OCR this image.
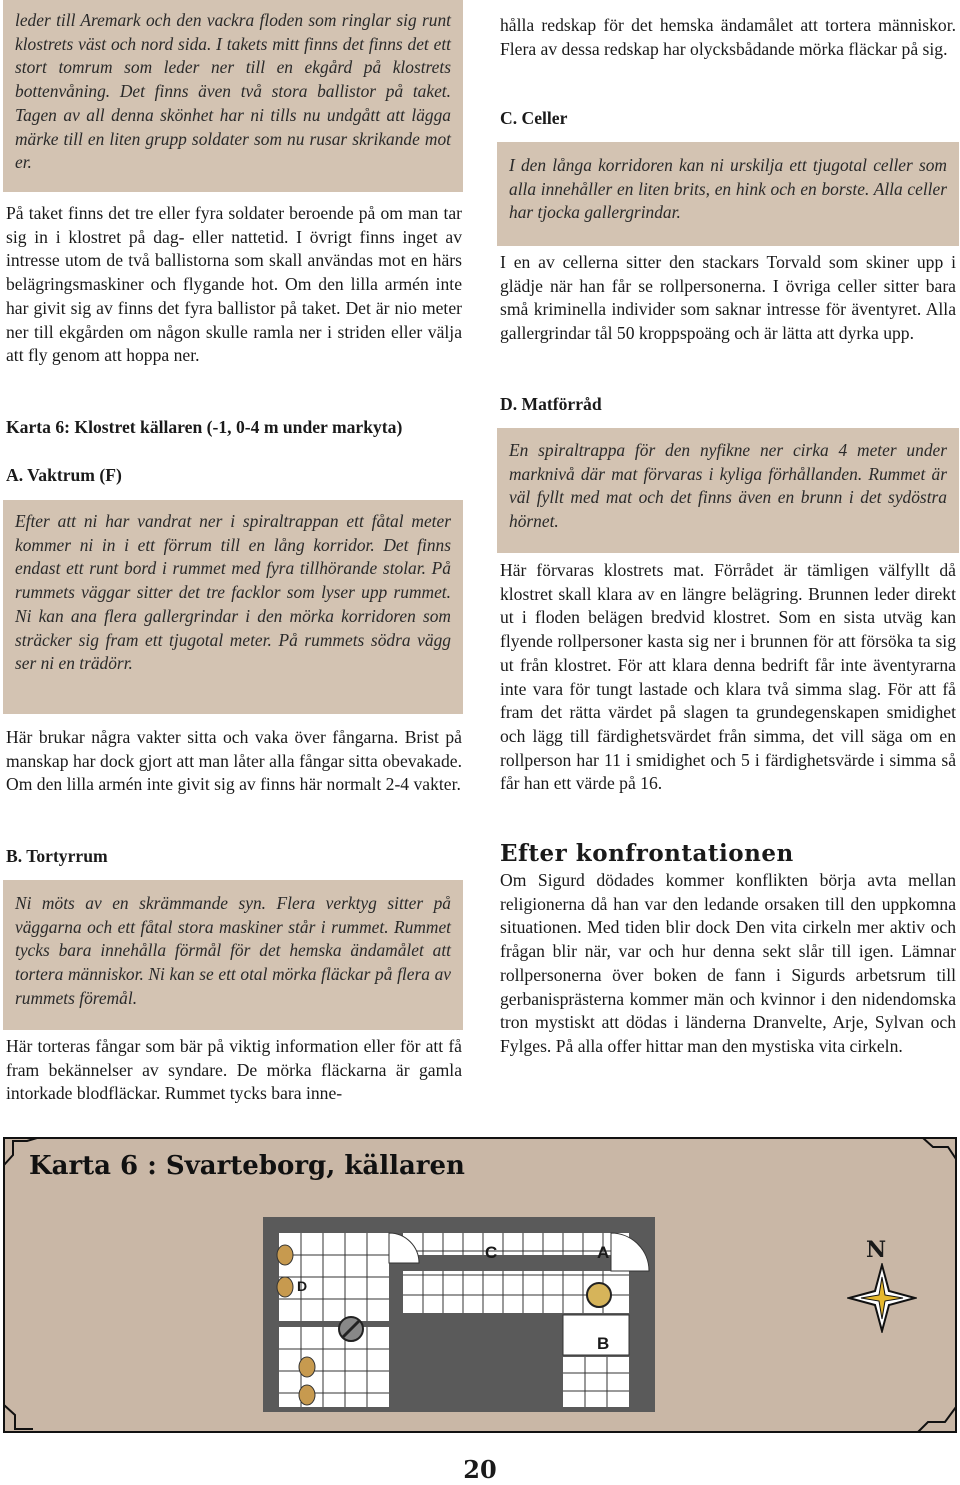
leder till Aremark och den vackra floden som ringlar sig runt klostrets väst och nord sida. I takets mitt finns det finns det ett stort tomrum som leder ner till en ekgård på klostrets bottenvåning. Det finns även två stora ballistor på taket. Tagen av all denna skönhet har ni tills nu undgått att lägga märke till en liten grupp soldater som nu rusar skrikande mot er.

På taket finns det tre eller fyra soldater beroende på om man tar sig in i klostret på dag- eller nattetid. I övrigt finns inget av intresse utom de två ballistorna som skall användas mot en härs belägringsmaskiner och flygande hot. Om den lilla armén inte har givit sig av finns det fyra ballistor på taket. Det är nio meter ner till ekgården om någon skulle ramla ner i striden eller välja att fly genom att hoppa ner.

Karta 6: Klostret källaren (-1, 0-4 m under markyta)
A. Vaktrum (F)
Efter att ni har vandrat ner i spiraltrappan ett fåtal meter kommer ni in i ett förrum till en lång korridor. Det finns endast ett runt bord i rummet med fyra tillhörande stolar. På rummets väggar sitter det tre facklor som lyser upp rummet. Ni kan ana flera gallergrindar i den mörka korridoren som sträcker sig fram ett tjugotal meter. På rummets södra vägg ser ni en trädörr.

Här brukar några vakter sitta och vaka över fångarna. Brist på manskap har dock gjort att man låter alla fångar sitta obevakade. Om den lilla armén inte givit sig av finns här normalt 2-4 vakter.

B. Tortyrrum
Ni möts av en skrämmande syn. Flera verktyg sitter på väggarna och ett fåtal stora maskiner står i rummet. Rummet tycks bara innehålla förmål för det hemska ändamålet att tortera människor. Ni kan se ett otal mörka fläckar på flera av rummets föremål.

Här torteras fångar som bär på viktig information eller för att få fram bekännelser av syndare. De mörka fläckarna är gamla intorkade blodfläckar. Rummet tycks bara inne-

hålla redskap för det hemska ändamålet att tortera människor. Flera av dessa redskap har olycksbådande mörka fläckar på sig.

C. Celler
I den långa korridoren kan ni urskilja ett tjugotal celler som alla innehåller en liten brits, en hink och en borste. Alla celler har tjocka gallergrindar.

I en av cellerna sitter den stackars Torvald som skiner upp i glädje när han får se rollpersonerna. I övriga celler sitter bara små kriminella individer som saknar intresse för äventyret. Alla gallergrindar tål 50 kroppspoäng och är lätta att dyrka upp.

D. Matförråd
En spiraltrappa för den nyfikne ner cirka 4 meter under marknivå där mat förvaras i kyliga förhållanden. Rummet är väl fyllt med mat och det finns även en brunn i det sydöstra hörnet.

Här förvaras klostrets mat. Förrådet är tämligen välfyllt då klostret skall klara av en längre belägring. Brunnen leder direkt ut i floden belägen bredvid klostret. Som en sista utväg kan flyende rollpersoner kasta sig ner i brunnen för att försöka ta sig ut från klostret. För att klara denna bedrift får inte äventyrarna inte vara för tungt lastade och klara två simma slag. För att få fram det rätta värdet på slagen ta grundegenskapen smidighet och lägg till färdighetsvärdet från simma, det vill säga om en rollperson har 11 i smidighet och 5 i färdighetsvärde i simma så får han ett värde på 16.

Efter konfrontationen

Om Sigurd dödades kommer konflikten börja avta mellan religionerna då han var den ledande orsaken till den uppkomna situationen. Med tiden blir dock Den vita cirkeln mer aktiv och frågan blir när, var och hur denna sekt slår till igen. Lämnar rollpersonerna över boken de fann i Sigurds arbetsrum till gerbanisprästerna kommer män och kvinnor i den nidendomska tron mystiskt att dödas i länderna Dranvelte, Arje, Sylvan och Fylges. På alla offer hittar man den mystiska vita cirkeln.

Karta 6 : Svarteborg, källaren
C	A
D
B
N
20
